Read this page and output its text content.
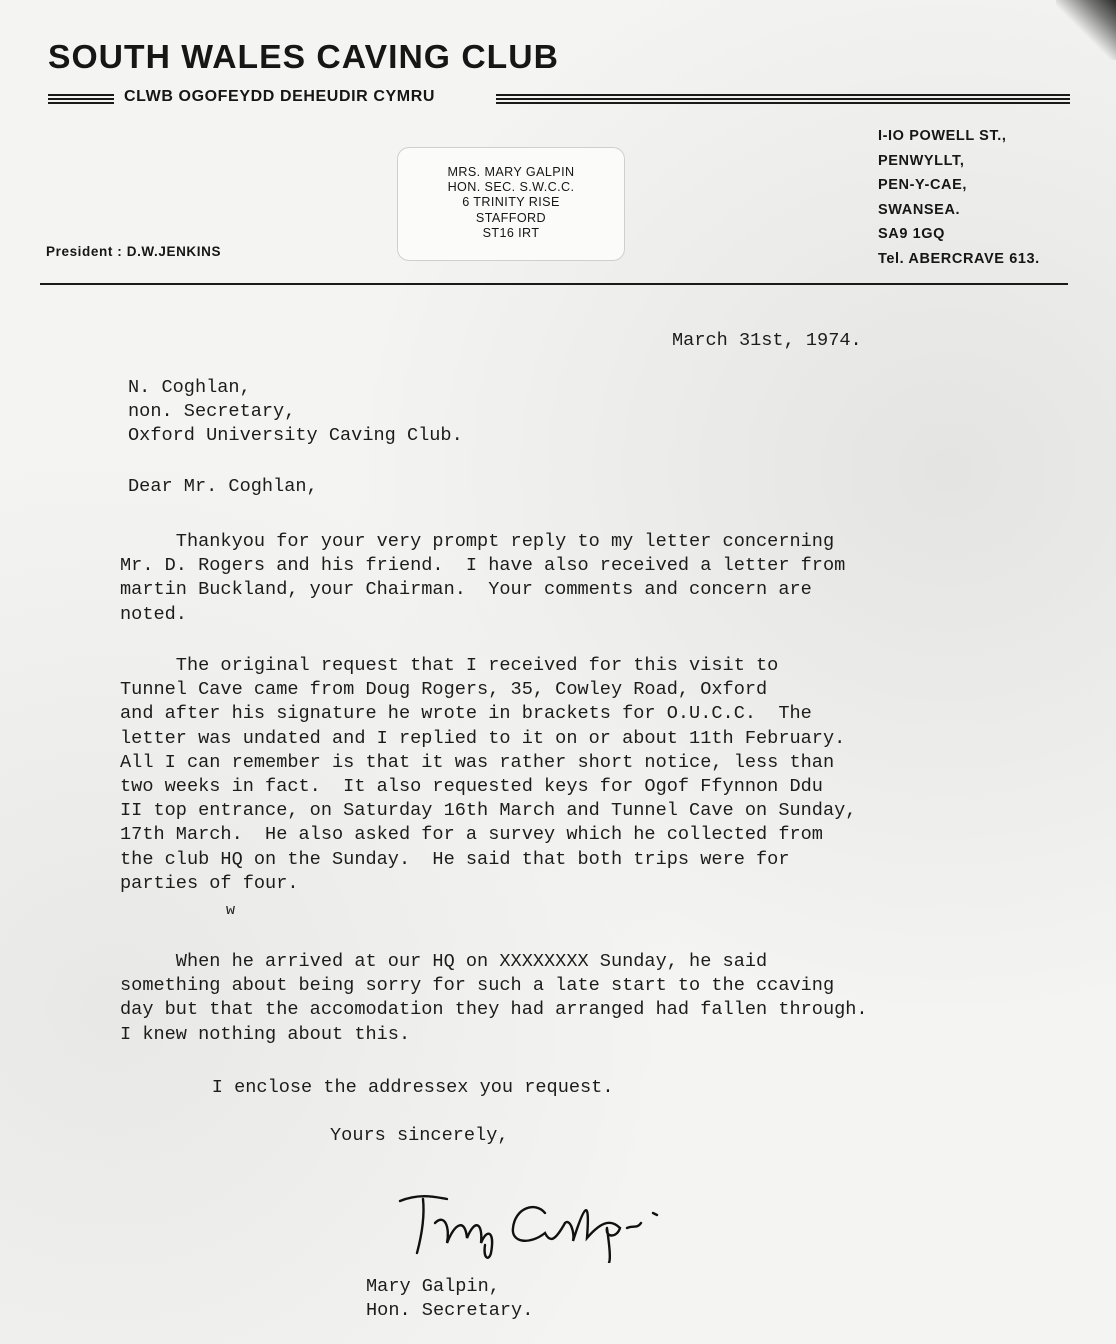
SOUTH WALES CAVING CLUB

CLWB OGOFEYDD DEHEUDIR CYMRU

MRS. MARY GALPIN
HON. SEC. S.W.C.C.
6 TRINITY RISE
STAFFORD
ST16 IRT
I-IO POWELL ST.,
PENWYLLT,
PEN-Y-CAE,
SWANSEA.
SA9 1GQ
Tel. ABERCRAVE 613.

President : D.W.JENKINS

March 31st, 1974.

N. Coghlan,
non. Secretary,
Oxford University Caving Club.

Dear Mr. Coghlan,

Thankyou for your very prompt reply to my letter concerning
Mr. D. Rogers and his friend.  I have also received a letter from
martin Buckland, your Chairman.  Your comments and concern are
noted.
The original request that I received for this visit to
Tunnel Cave came from Doug Rogers, 35, Cowley Road, Oxford
and after his signature he wrote in brackets for O.U.C.C.  The
letter was undated and I replied to it on or about 11th February.
All I can remember is that it was rather short notice, less than
two weeks in fact.  It also requested keys for Ogof Ffynnon Ddu
II top entrance, on Saturday 16th March and Tunnel Cave on Sunday,
17th March.  He also asked for a survey which he collected from
the club HQ on the Sunday.  He said that both trips were for
parties of four.

w

When he arrived at our HQ on XXXXXXXX Sunday, he said
something about being sorry for such a late start to the ccaving
day but that the accomodation they had arranged had fallen through.
I knew nothing about this.

I enclose the addressex you request.

Yours sincerely,

Mary Galpin,

Hon. Secretary.
